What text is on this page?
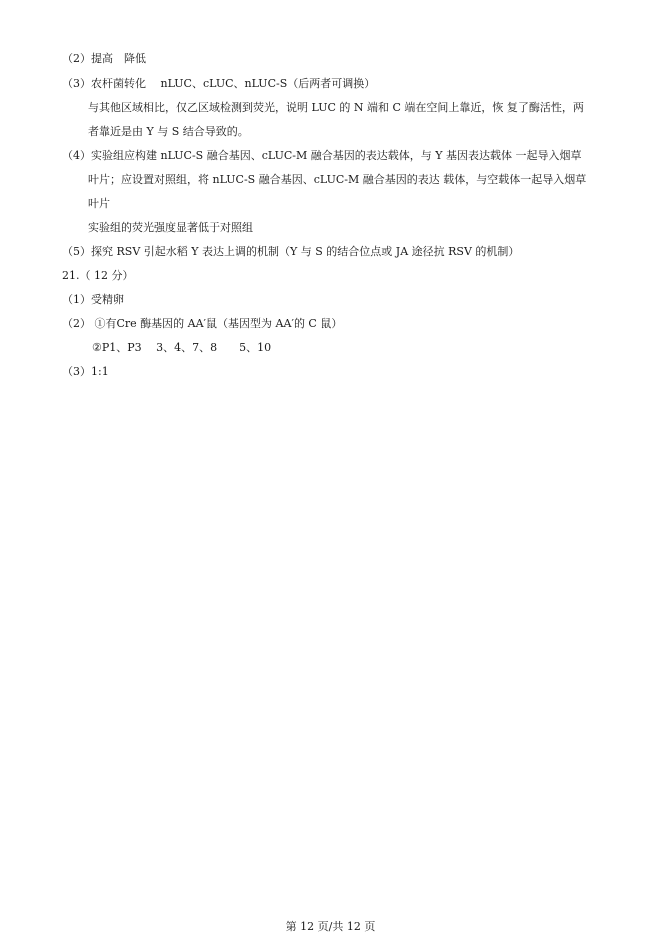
（2）提高　降低
（3）农杆菌转化　 nLUC、cLUC、nLUC-S（后两者可调换）
与其他区域相比，仅乙区域检测到荧光，说明 LUC 的 N 端和 C 端在空间上靠近，恢 复了酶活性，两
者靠近是由 Y 与 S 结合导致的。
（4）实验组应构建 nLUC-S 融合基因、cLUC-M 融合基因的表达载体，与 Y 基因表达载体 一起导入烟草
叶片；应设置对照组，将 nLUC-S 融合基因、cLUC-M 融合基因的表达 载体，与空载体一起导入烟草
叶片
实验组的荧光强度显著低于对照组
（5）探究 RSV 引起水稻 Y 表达上调的机制（Y 与 S 的结合位点或 JA 途径抗 RSV 的机制）
21.（ 12 分）
（1）受精卵
（2） ①有Cre 酶基因的 AA′鼠（基因型为 AA′的 C 鼠）
②P1、P3　 3、4、7、8　　5、10
（3）1:1
第 12 页/共 12 页
